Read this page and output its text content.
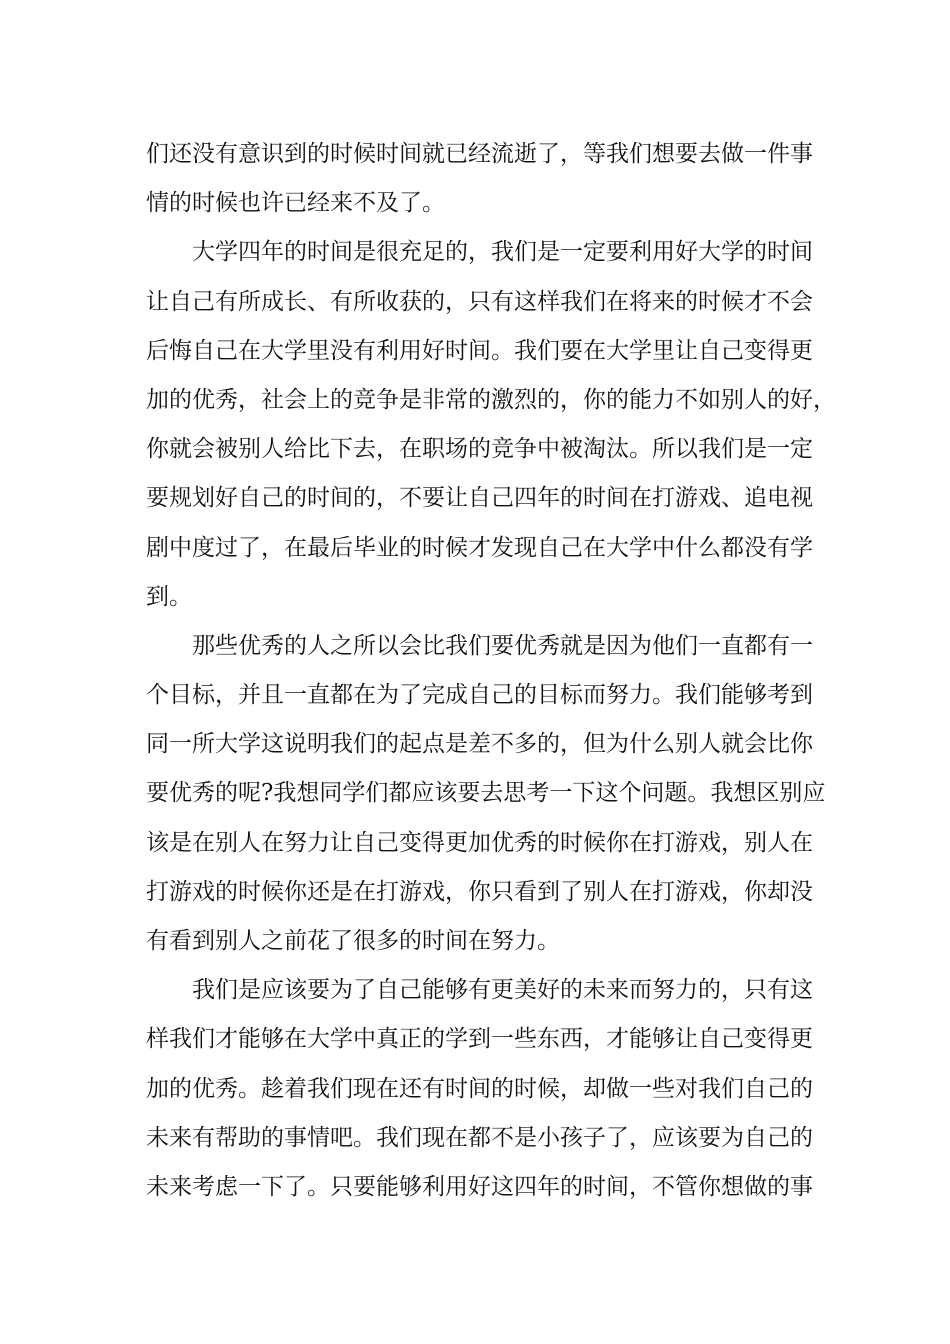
们还没有意识到的时候时间就已经流逝了，等我们想要去做一件事
情的时候也许已经来不及了。
大学四年的时间是很充足的，我们是一定要利用好大学的时间
让自己有所成长、有所收获的，只有这样我们在将来的时候才不会
后悔自己在大学里没有利用好时间。我们要在大学里让自己变得更
加的优秀，社会上的竞争是非常的激烈的，你的能力不如别人的好，
你就会被别人给比下去，在职场的竞争中被淘汰。所以我们是一定
要规划好自己的时间的，不要让自己四年的时间在打游戏、追电视
剧中度过了，在最后毕业的时候才发现自己在大学中什么都没有学
到。
那些优秀的人之所以会比我们要优秀就是因为他们一直都有一
个目标，并且一直都在为了完成自己的目标而努力。我们能够考到
同一所大学这说明我们的起点是差不多的，但为什么别人就会比你
要优秀的呢?我想同学们都应该要去思考一下这个问题。我想区别应
该是在别人在努力让自己变得更加优秀的时候你在打游戏，别人在
打游戏的时候你还是在打游戏，你只看到了别人在打游戏，你却没
有看到别人之前花了很多的时间在努力。
我们是应该要为了自己能够有更美好的未来而努力的，只有这
样我们才能够在大学中真正的学到一些东西，才能够让自己变得更
加的优秀。趁着我们现在还有时间的时候，却做一些对我们自己的
未来有帮助的事情吧。我们现在都不是小孩子了，应该要为自己的
未来考虑一下了。只要能够利用好这四年的时间，不管你想做的事
